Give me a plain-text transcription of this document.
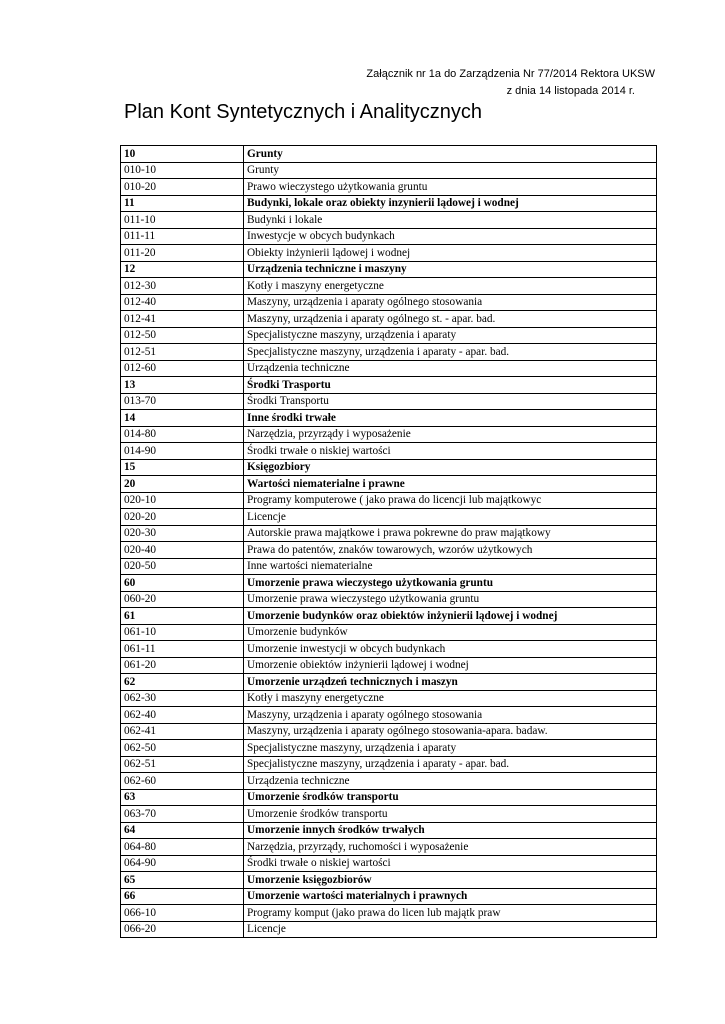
Załącznik nr 1a do Zarządzenia Nr 77/2014 Rektora UKSW
z dnia 14 listopada 2014 r.
Plan Kont Syntetycznych i Analitycznych
10	Grunty
010-10	Grunty
010-20	Prawo wieczystego użytkowania gruntu
11	Budynki, lokale oraz obiekty inzynierii lądowej i wodnej
011-10	Budynki i lokale
011-11	Inwestycje w obcych budynkach
011-20	Obiekty inżynierii lądowej i wodnej
12	Urządzenia techniczne i maszyny
012-30	Kotły i maszyny energetyczne
012-40	Maszyny, urządzenia i aparaty ogólnego stosowania
012-41	Maszyny, urządzenia i aparaty ogólnego st. - apar. bad.
012-50	Specjalistyczne maszyny, urządzenia i aparaty
012-51	Specjalistyczne maszyny, urządzenia i aparaty - apar. bad.
012-60	Urządzenia techniczne
13	Środki Trasportu
013-70	Środki Transportu
14	Inne środki trwałe
014-80	Narzędzia, przyrządy i wyposażenie
014-90	Środki trwałe o niskiej wartości
15	Księgozbiory
20	Wartości niematerialne i prawne
020-10	Programy komputerowe ( jako prawa do licencji lub majątkowyc
020-20	Licencje
020-30	Autorskie prawa majątkowe i prawa pokrewne do praw majątkowy
020-40	Prawa do patentów, znaków towarowych, wzorów użytkowych
020-50	Inne wartości niematerialne
60	Umorzenie prawa wieczystego użytkowania gruntu
060-20	Umorzenie prawa wieczystego użytkowania gruntu
61	Umorzenie budynków oraz obiektów inżynierii lądowej i wodnej
061-10	Umorzenie budynków
061-11	Umorzenie inwestycji w obcych budynkach
061-20	Umorzenie obiektów inżynierii lądowej i wodnej
62	Umorzenie urządzeń technicznych i maszyn
062-30	Kotły i maszyny energetyczne
062-40	Maszyny, urządzenia i aparaty ogólnego stosowania
062-41	Maszyny, urządzenia i aparaty ogólnego stosowania-apara. badaw.
062-50	Specjalistyczne maszyny, urządzenia i aparaty
062-51	Specjalistyczne maszyny, urządzenia i aparaty - apar. bad.
062-60	Urządzenia techniczne
63	Umorzenie środków transportu
063-70	Umorzenie środków transportu
64	Umorzenie innych środków trwałych
064-80	Narzędzia, przyrządy, ruchomości i wyposażenie
064-90	Środki trwałe o niskiej wartości
65	Umorzenie księgozbiorów
66	Umorzenie wartości materialnych i prawnych
066-10	Programy komput (jako prawa do licen lub majątk praw
066-20	Licencje
